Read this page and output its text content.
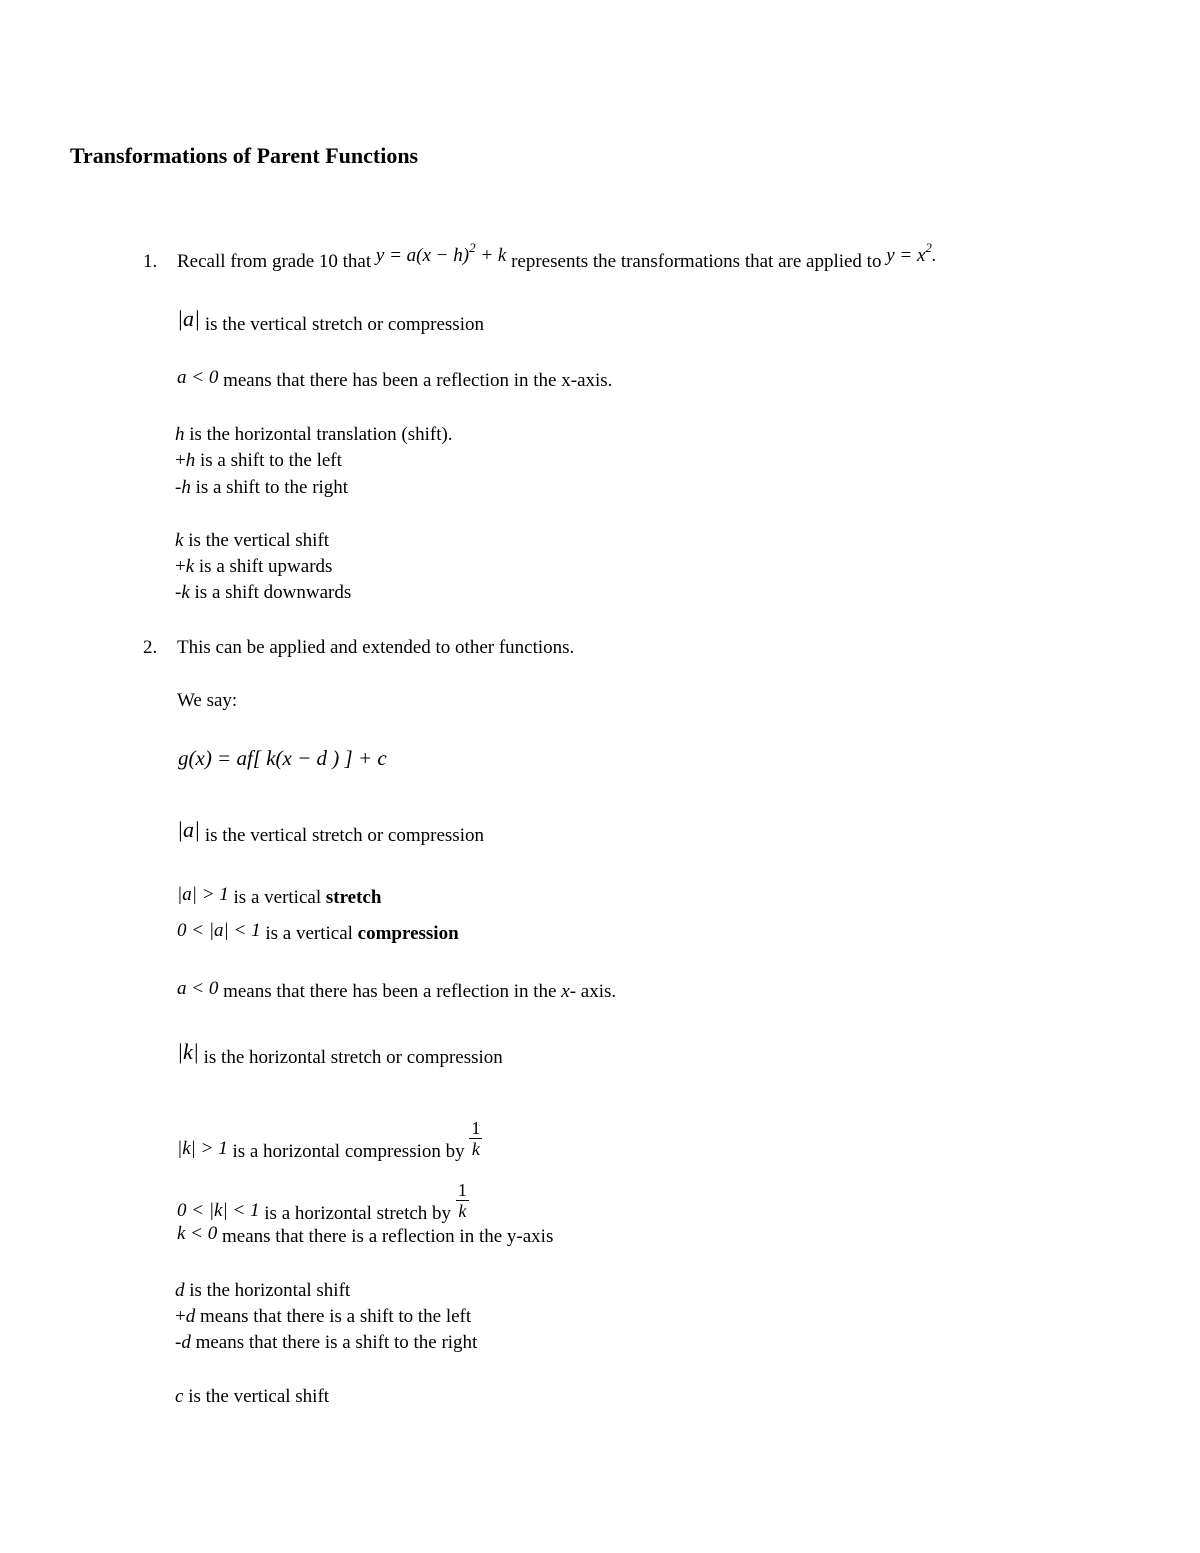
Transformations of Parent Functions
1. Recall from grade 10 that $y = a(x - h)^2 + k$ represents the transformations that are applied to $y = x^2$.
|a| is the vertical stretch or compression
a < 0 means that there has been a reflection in the x-axis.
h is the horizontal translation (shift).
+h is a shift to the left
-h is a shift to the right
k is the vertical shift
+k is a shift upwards
-k is a shift downwards
2. This can be applied and extended to other functions.
We say:
g(x) = af[ k(x − d ) ] + c
|a| is the vertical stretch or compression
|a| > 1 is a vertical stretch
0 < |a| < 1 is a vertical compression
a < 0 means that there has been a reflection in the x- axis.
|k| is the horizontal stretch or compression
|k| > 1 is a horizontal compression by $\frac{1}{k}$
0 < |k| < 1 is a horizontal stretch by $\frac{1}{k}$
k < 0 means that there is a reflection in the y-axis
d is the horizontal shift
+d means that there is a shift to the left
-d means that there is a shift to the right
c is the vertical shift
